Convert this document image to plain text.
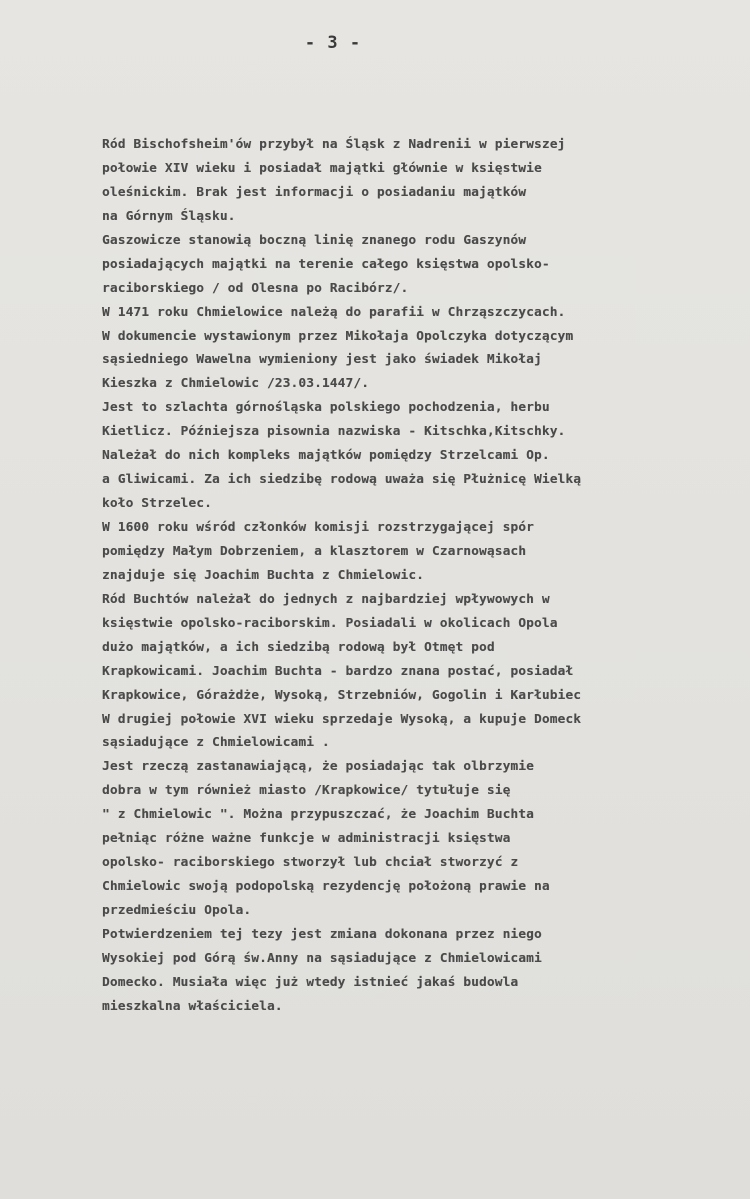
- 3 -

Ród Bischofsheim'ów przybył na Śląsk z Nadrenii w pierwszej
połowie XIV wieku i posiadał majątki głównie w księstwie
oleśnickim. Brak jest informacji o posiadaniu majątków
na Górnym Śląsku.
Gaszowicze stanowią boczną linię znanego rodu Gaszynów
posiadających majątki na terenie całego księstwa opolsko-
raciborskiego / od Olesna po Racibórz/.
W 1471 roku Chmielowice należą do parafii w Chrząszczycach.
W dokumencie wystawionym przez Mikołaja Opolczyka dotyczącym
sąsiedniego Wawelna wymieniony jest jako świadek Mikołaj
Kieszka z Chmielowic /23.03.1447/.
Jest to szlachta górnośląska polskiego pochodzenia, herbu
Kietlicz. Późniejsza pisownia nazwiska - Kitschka,Kitschky.
Należał do nich kompleks majątków pomiędzy Strzelcami Op.
a Gliwicami. Za ich siedzibę rodową uważa się Płużnicę Wielką
koło Strzelec.
W 1600 roku wśród członków komisji rozstrzygającej spór
pomiędzy Małym Dobrzeniem, a klasztorem w Czarnowąsach
znajduje się Joachim Buchta z Chmielowic.
Ród Buchtów należał do jednych z najbardziej wpływowych w
księstwie opolsko-raciborskim. Posiadali w okolicach Opola
dużo majątków, a ich siedzibą rodową był Otmęt pod
Krapkowicami. Joachim Buchta - bardzo znana postać, posiadał
Krapkowice, Górażdże, Wysoką, Strzebniów, Gogolin i Karłubiec
W drugiej połowie XVI wieku sprzedaje Wysoką, a kupuje Domeck
sąsiadujące z Chmielowicami .
Jest rzeczą zastanawiającą, że posiadając tak olbrzymie
dobra w tym również miasto /Krapkowice/ tytułuje się
" z Chmielowic ". Można przypuszczać, że Joachim Buchta
pełniąc różne ważne funkcje w administracji księstwa
opolsko- raciborskiego stworzył lub chciał stworzyć z
Chmielowic swoją podopolską rezydencję położoną prawie na
przedmieściu Opola.
Potwierdzeniem tej tezy jest zmiana dokonana przez niego
Wysokiej pod Górą św.Anny na sąsiadujące z Chmielowicami
Domecko. Musiała więc już wtedy istnieć jakaś budowla
mieszkalna właściciela.
